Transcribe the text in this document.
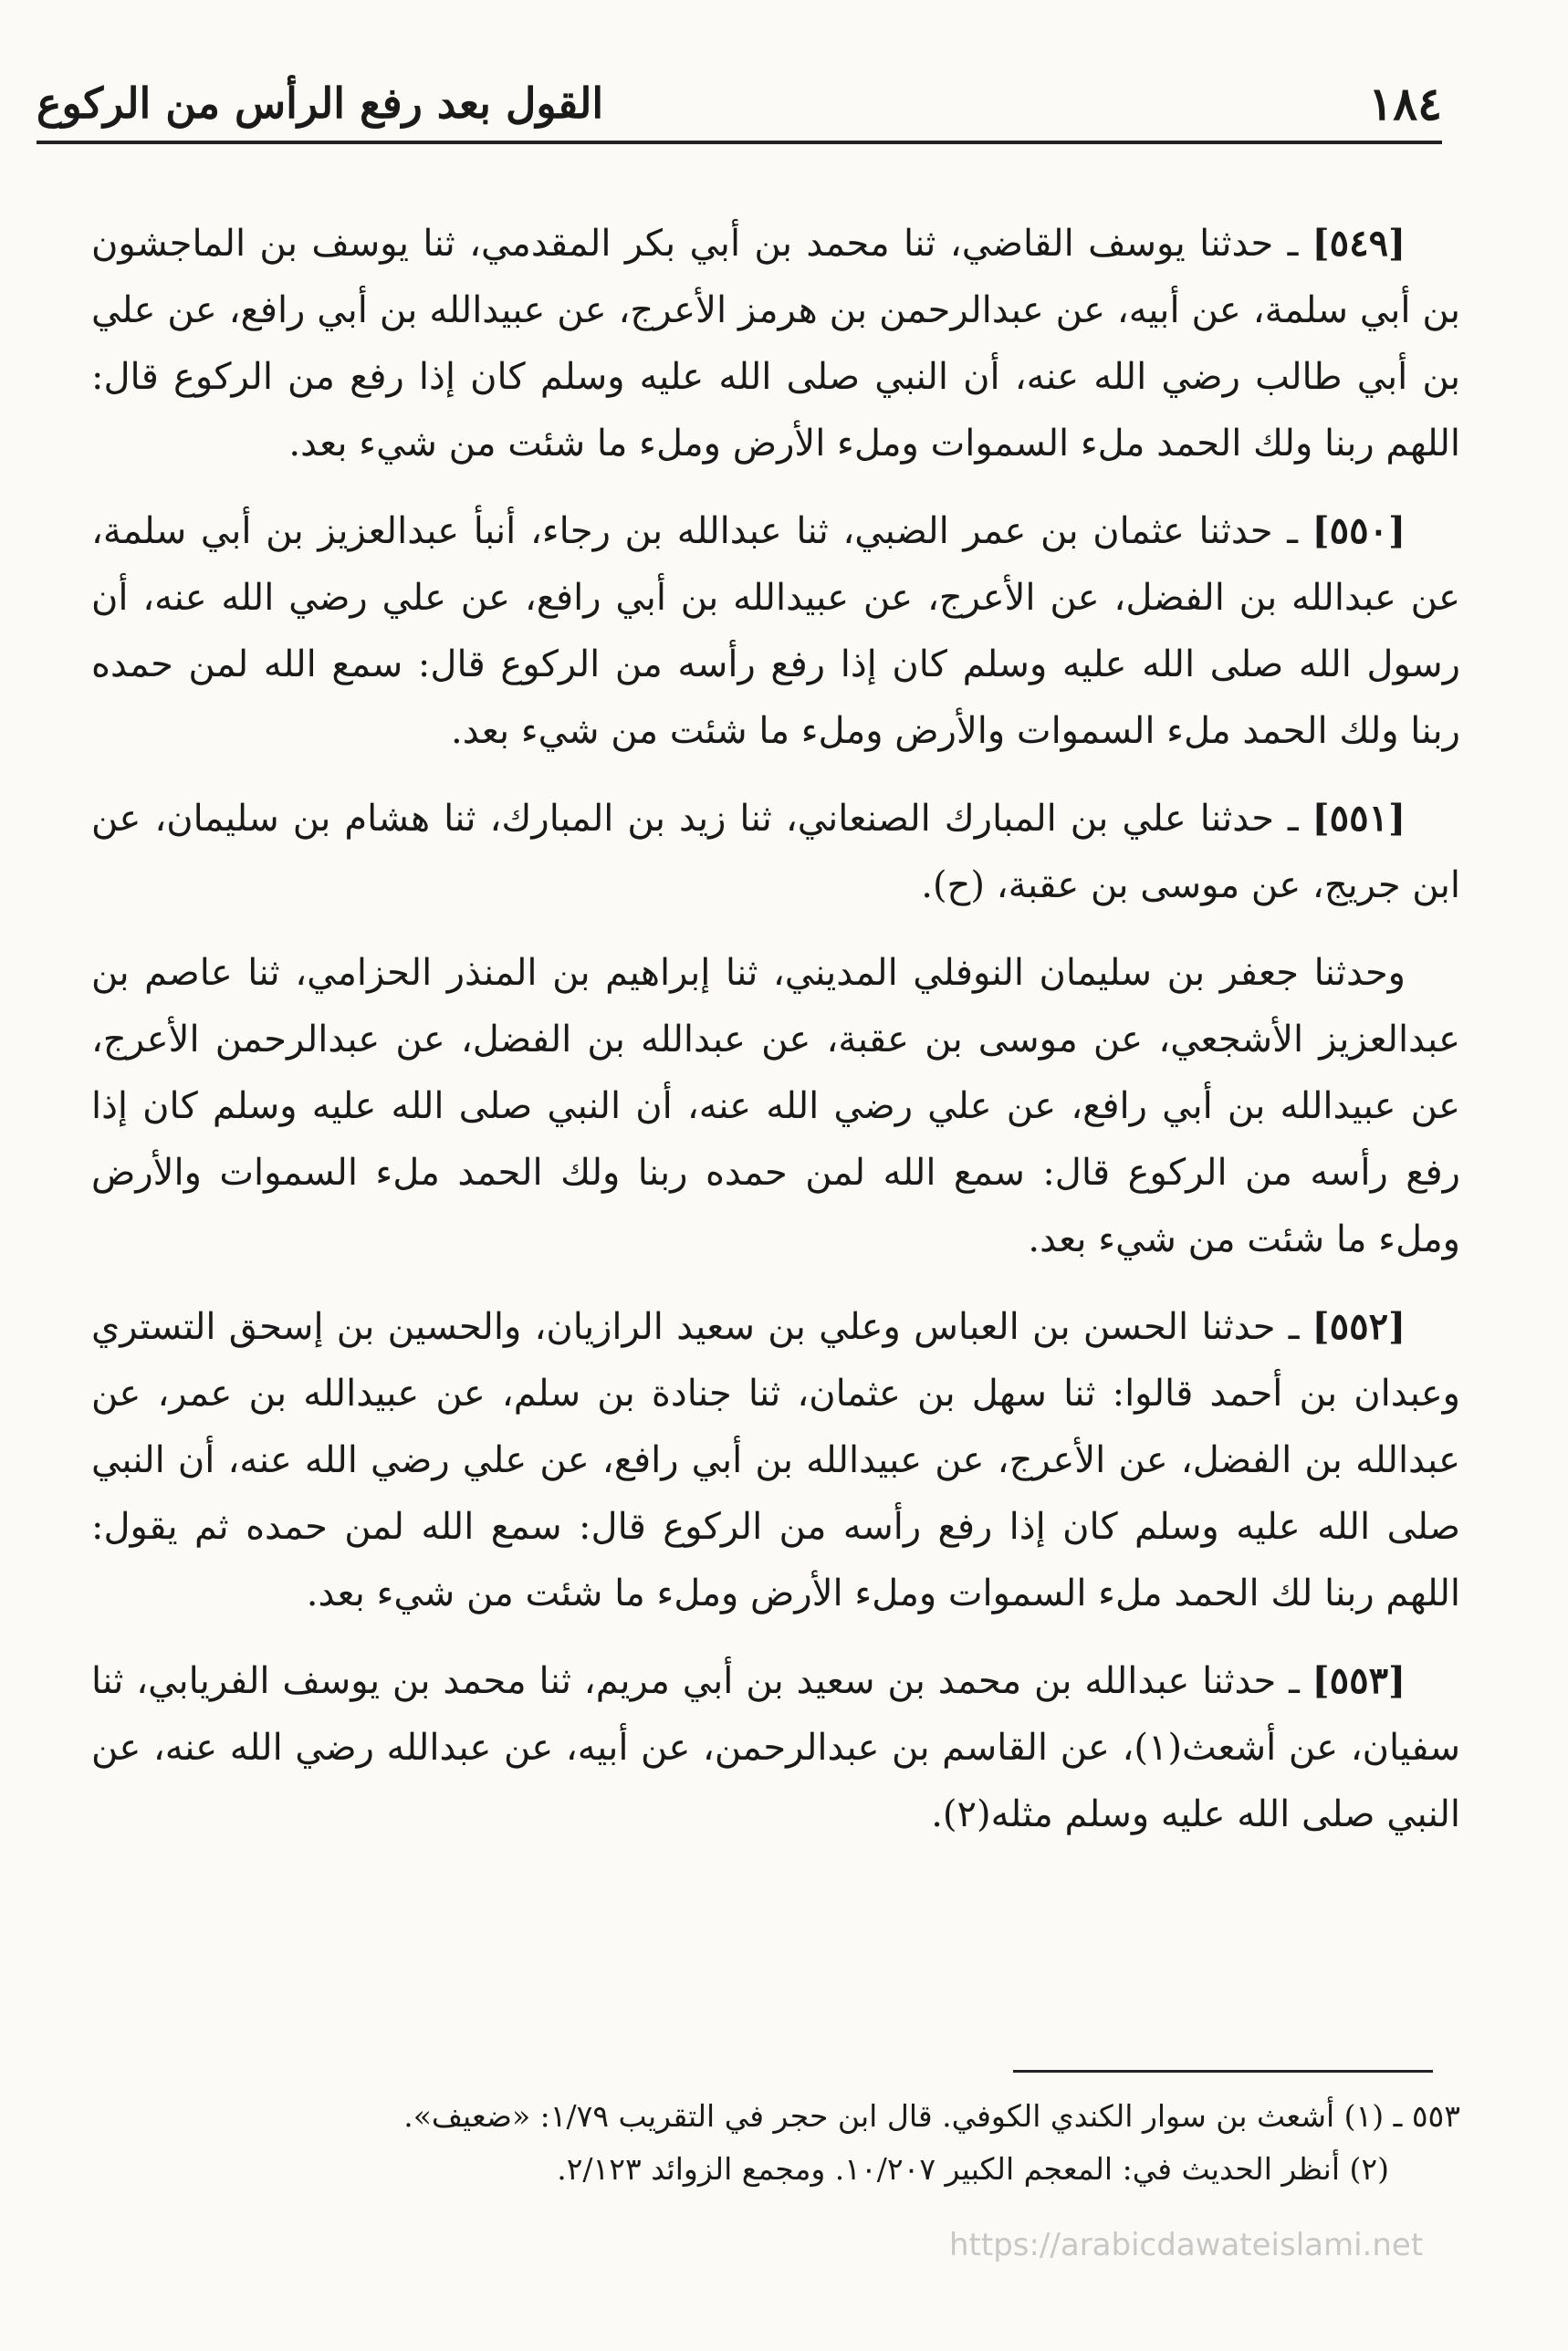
١٨٤
القول بعد رفع الرأس من الركوع

[٥٤٩] ـ حدثنا يوسف القاضي، ثنا محمد بن أبي بكر المقدمي، ثنا يوسف بن الماجشون بن أبي سلمة، عن أبيه، عن عبدالرحمن بن هرمز الأعرج، عن عبيدالله بن أبي رافع، عن علي بن أبي طالب رضي الله عنه، أن النبي صلى الله عليه وسلم كان إذا رفع من الركوع قال: اللهم ربنا ولك الحمد ملء السموات وملء الأرض وملء ما شئت من شيء بعد.

[٥٥٠] ـ حدثنا عثمان بن عمر الضبي، ثنا عبدالله بن رجاء، أنبأ عبدالعزيز بن أبي سلمة، عن عبدالله بن الفضل، عن الأعرج، عن عبيدالله بن أبي رافع، عن علي رضي الله عنه، أن رسول الله صلى الله عليه وسلم كان إذا رفع رأسه من الركوع قال: سمع الله لمن حمده ربنا ولك الحمد ملء السموات والأرض وملء ما شئت من شيء بعد.

[٥٥١] ـ حدثنا علي بن المبارك الصنعاني، ثنا زيد بن المبارك، ثنا هشام بن سليمان، عن ابن جريج، عن موسى بن عقبة، (ح).

وحدثنا جعفر بن سليمان النوفلي المديني، ثنا إبراهيم بن المنذر الحزامي، ثنا عاصم بن عبدالعزيز الأشجعي، عن موسى بن عقبة، عن عبدالله بن الفضل، عن عبدالرحمن الأعرج، عن عبيدالله بن أبي رافع، عن علي رضي الله عنه، أن النبي صلى الله عليه وسلم كان إذا رفع رأسه من الركوع قال: سمع الله لمن حمده ربنا ولك الحمد ملء السموات والأرض وملء ما شئت من شيء بعد.

[٥٥٢] ـ حدثنا الحسن بن العباس وعلي بن سعيد الرازيان، والحسين بن إسحق التستري وعبدان بن أحمد قالوا: ثنا سهل بن عثمان، ثنا جنادة بن سلم، عن عبيدالله بن عمر، عن عبدالله بن الفضل، عن الأعرج، عن عبيدالله بن أبي رافع، عن علي رضي الله عنه، أن النبي صلى الله عليه وسلم كان إذا رفع رأسه من الركوع قال: سمع الله لمن حمده ثم يقول: اللهم ربنا لك الحمد ملء السموات وملء الأرض وملء ما شئت من شيء بعد.

[٥٥٣] ـ حدثنا عبدالله بن محمد بن سعيد بن أبي مريم، ثنا محمد بن يوسف الفريابي، ثنا سفيان، عن أشعث(١)، عن القاسم بن عبدالرحمن، عن أبيه، عن عبدالله رضي الله عنه، عن النبي صلى الله عليه وسلم مثله(٢).

٥٥٣ ـ (١) أشعث بن سوار الكندي الكوفي. قال ابن حجر في التقريب ١/٧٩: «ضعيف».

(٢) أنظر الحديث في: المعجم الكبير ١٠/٢٠٧. ومجمع الزوائد ٢/١٢٣.

https://arabicdawateislami.net
